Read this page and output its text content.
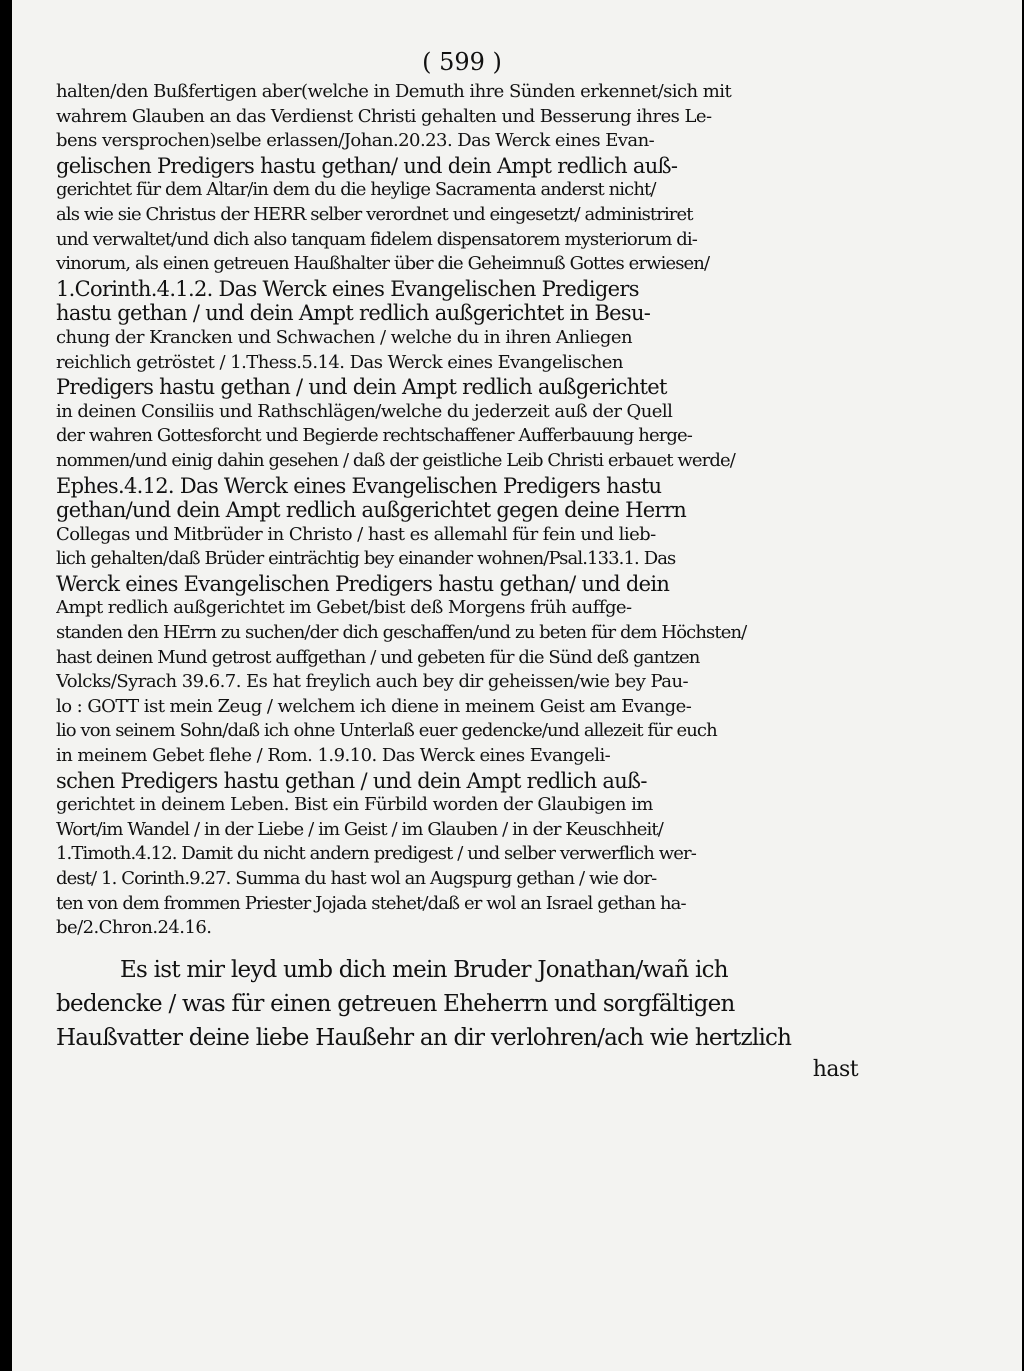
( 599 )
halten/den Bußfertigen aber(welche in Demuth ihre Sünden erkennet/sich mit
wahrem Glauben an das Verdienst Christi gehalten und Besserung ihres Le-
bens versprochen)selbe erlassen/Johan.20.23. Das Werck eines Evan-
gelischen Predigers hastu gethan/ und dein Ampt redlich auß-
gerichtet für dem Altar/in dem du die heylige Sacramenta anderst nicht/
als wie sie Christus der HERR selber verordnet und eingesetzt/ administriret
und verwaltet/und dich also tanquam fidelem dispensatorem mysteriorum di-
vinorum, als einen getreuen Haußhalter über die Geheimnuß Gottes erwiesen/
1.Corinth.4.1.2. Das Werck eines Evangelischen Predigers
hastu gethan / und dein Ampt redlich außgerichtet in Besu-
chung der Krancken und Schwachen / welche du in ihren Anliegen
reichlich getröstet / 1.Thess.5.14. Das Werck eines Evangelischen
Predigers hastu gethan / und dein Ampt redlich außgerichtet
in deinen Consiliis und Rathschlägen/welche du jederzeit auß der Quell
der wahren Gottesforcht und Begierde rechtschaffener Aufferbauung herge-
nommen/und einig dahin gesehen / daß der geistliche Leib Christi erbauet werde/
Ephes.4.12. Das Werck eines Evangelischen Predigers hastu
gethan/und dein Ampt redlich außgerichtet gegen deine Herrn
Collegas und Mitbrüder in Christo / hast es allemahl für fein und lieb-
lich gehalten/daß Brüder einträchtig bey einander wohnen/Psal.133.1. Das
Werck eines Evangelischen Predigers hastu gethan/ und dein
Ampt redlich außgerichtet im Gebet/bist deß Morgens früh auffge-
standen den HErrn zu suchen/der dich geschaffen/und zu beten für dem Höchsten/
hast deinen Mund getrost auffgethan / und gebeten für die Sünd deß gantzen
Volcks/Syrach 39.6.7. Es hat freylich auch bey dir geheissen/wie bey Pau-
lo : GOTT ist mein Zeug / welchem ich diene in meinem Geist am Evange-
lio von seinem Sohn/daß ich ohne Unterlaß euer gedencke/und allezeit für euch
in meinem Gebet flehe / Rom. 1.9.10. Das Werck eines Evangeli-
schen Predigers hastu gethan / und dein Ampt redlich auß-
gerichtet in deinem Leben. Bist ein Fürbild worden der Glaubigen im
Wort/im Wandel / in der Liebe / im Geist / im Glauben / in der Keuschheit/
1.Timoth.4.12. Damit du nicht andern predigest / und selber verwerflich wer-
dest/ 1. Corinth.9.27. Summa du hast wol an Augspurg gethan / wie dor-
ten von dem frommen Priester Jojada stehet/daß er wol an Israel gethan ha-
be/2.Chron.24.16.
Es ist mir leyd umb dich mein Bruder Jonathan/wañ ich
bedencke / was für einen getreuen Eheherrn und sorgfältigen
Haußvatter deine liebe Haußehr an dir verlohren/ach wie hertzlich
hast
